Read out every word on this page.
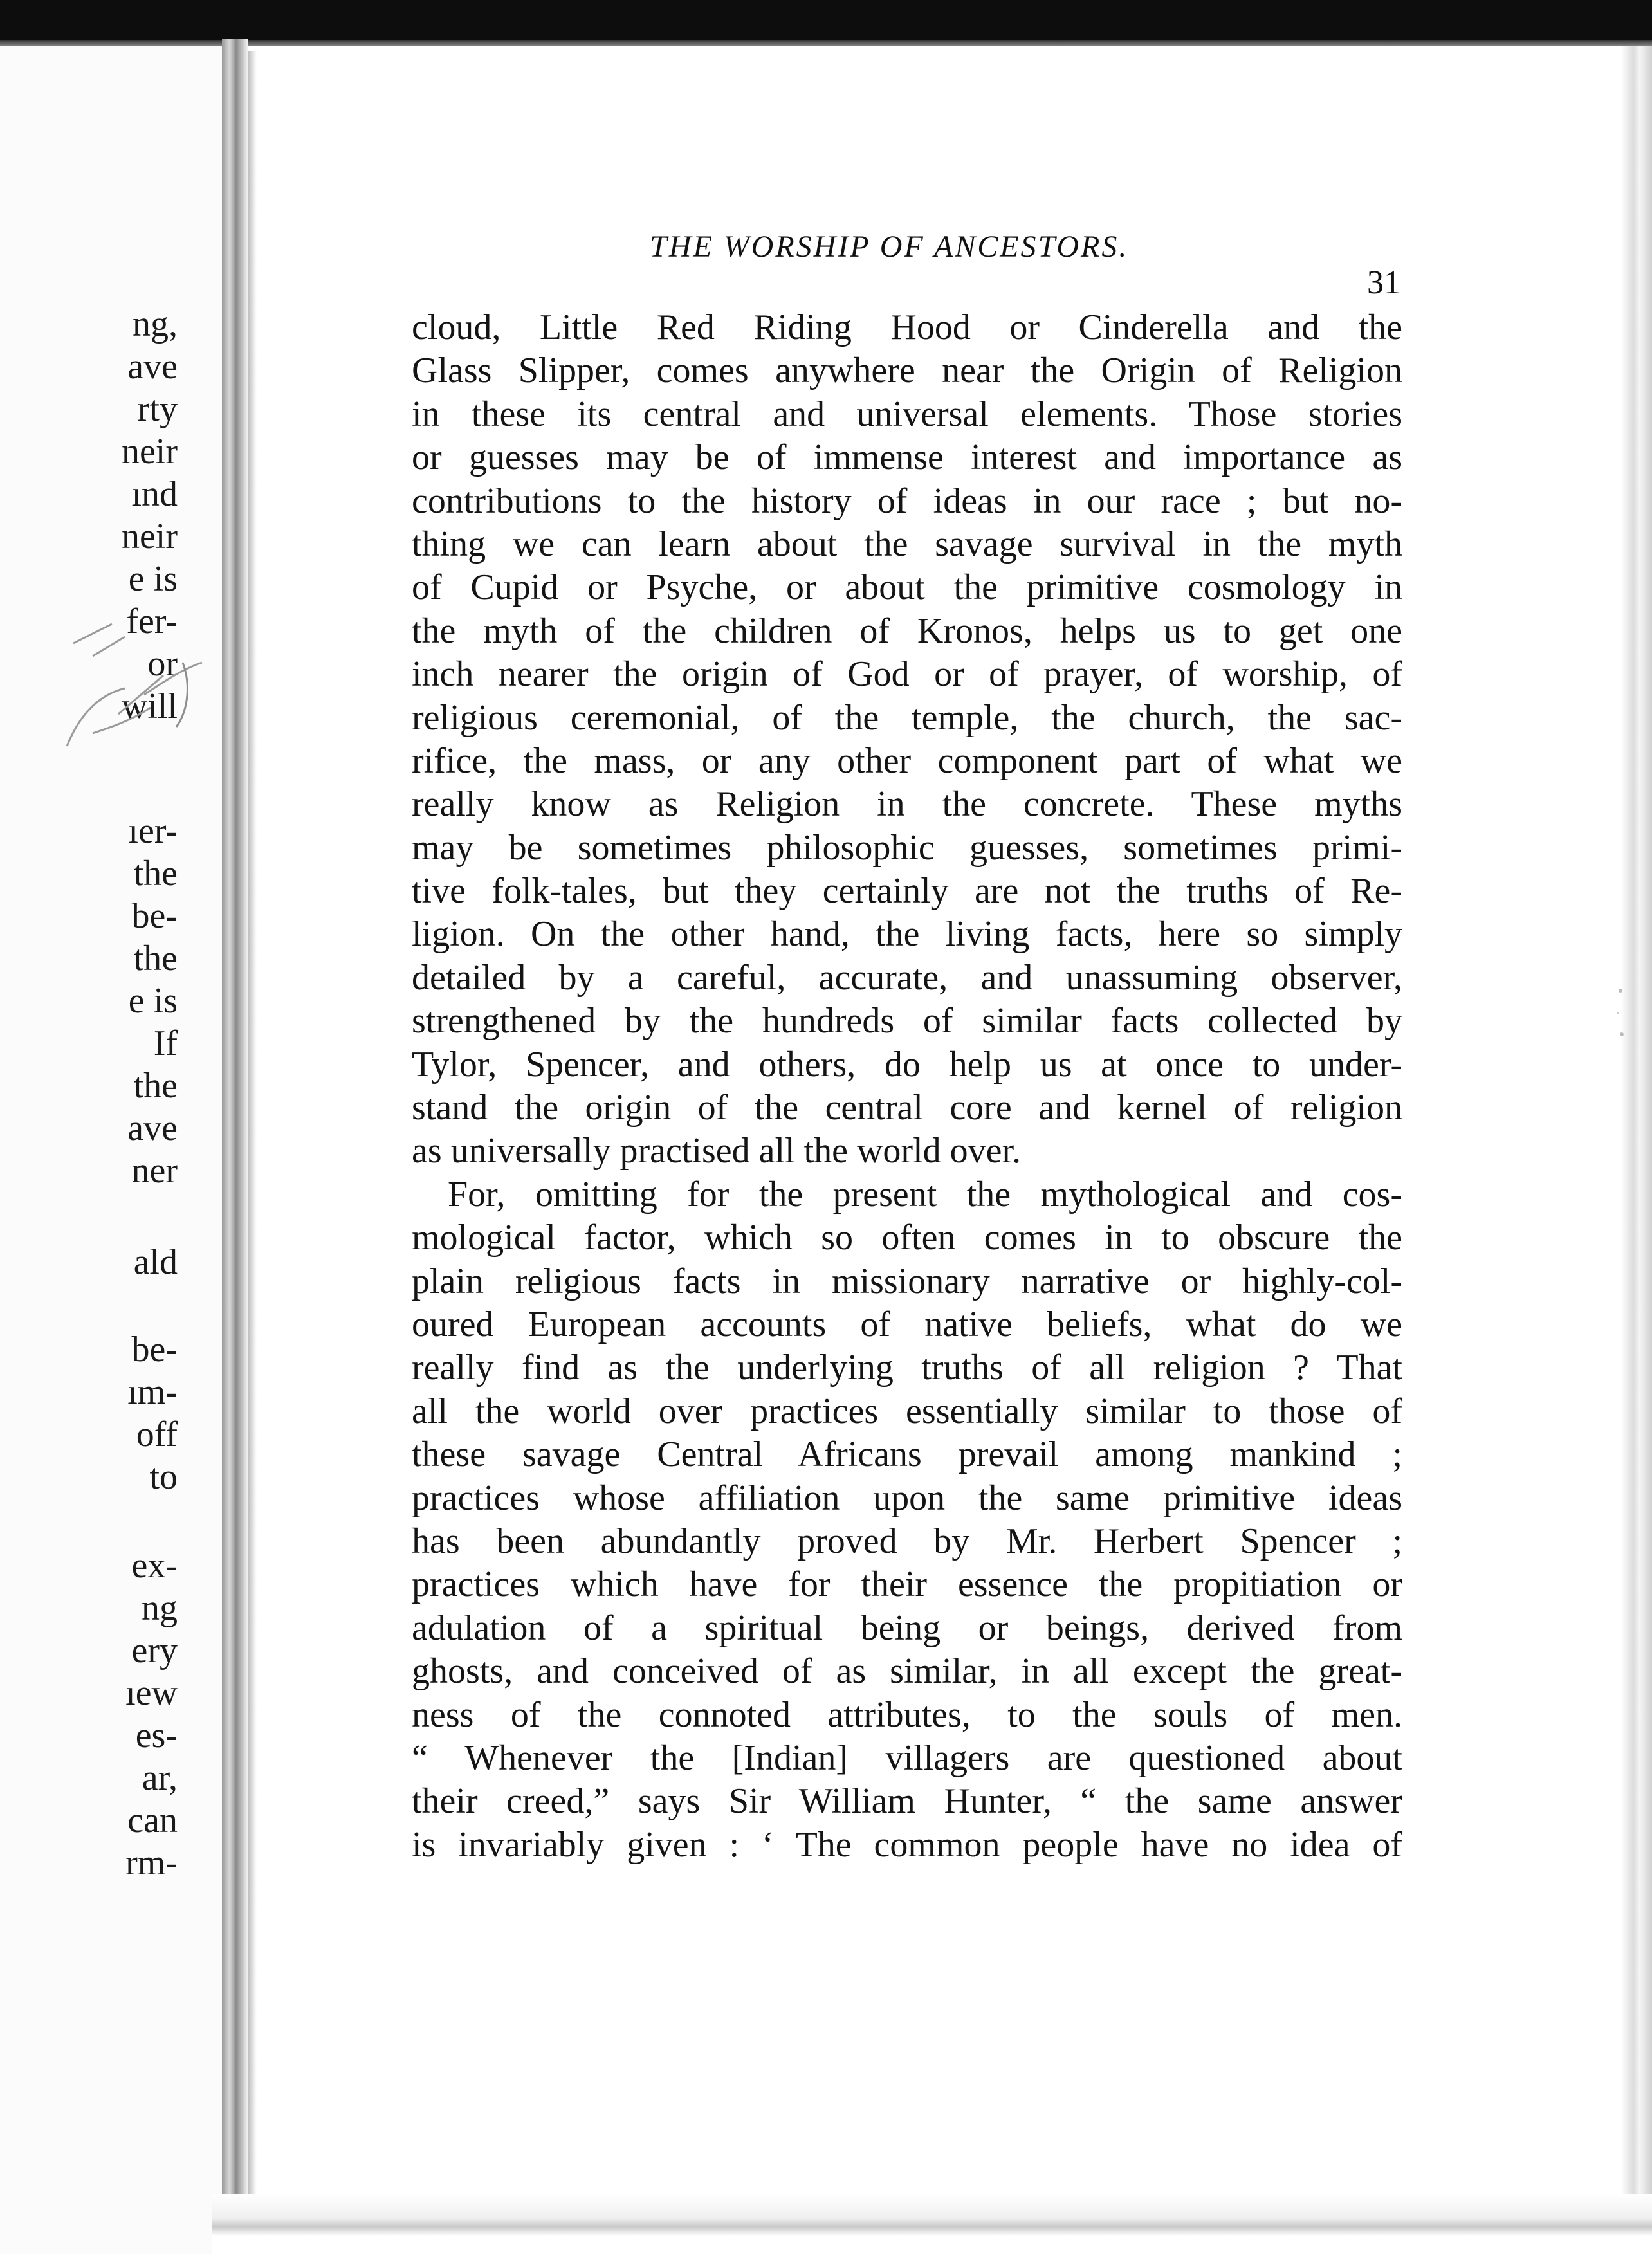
ng,
ave
rty
neir
ınd
neir
e is
fer-
or
will
ıer-
the
be-
the
e is
If
the
ave
ner
ald
be-
ım-
off
to
ex-
ng
ery
ıew
es-
ar,
can
rm-
THE WORSHIP OF ANCESTORS.
31
cloud, Little Red Riding Hood or Cinderella and the
Glass Slipper, comes anywhere near the Origin of Religion
in these its central and universal elements. Those stories
or guesses may be of immense interest and importance as
contributions to the history of ideas in our race ; but no-
thing we can learn about the savage survival in the myth
of Cupid or Psyche, or about the primitive cosmology in
the myth of the children of Kronos, helps us to get one
inch nearer the origin of God or of prayer, of worship, of
religious ceremonial, of the temple, the church, the sac-
rifice, the mass, or any other component part of what we
really know as Religion in the concrete. These myths
may be sometimes philosophic guesses, sometimes primi-
tive folk-tales, but they certainly are not the truths of Re-
ligion. On the other hand, the living facts, here so simply
detailed by a careful, accurate, and unassuming observer,
strengthened by the hundreds of similar facts collected by
Tylor, Spencer, and others, do help us at once to under-
stand the origin of the central core and kernel of religion
as universally practised all the world over.
For, omitting for the present the mythological and cos-
mological factor, which so often comes in to obscure the
plain religious facts in missionary narrative or highly-col-
oured European accounts of native beliefs, what do we
really find as the underlying truths of all religion ? That
all the world over practices essentially similar to those of
these savage Central Africans prevail among mankind ;
practices whose affiliation upon the same primitive ideas
has been abundantly proved by Mr. Herbert Spencer ;
practices which have for their essence the propitiation or
adulation of a spiritual being or beings, derived from
ghosts, and conceived of as similar, in all except the great-
ness of the connoted attributes, to the souls of men.
“ Whenever the [Indian] villagers are questioned about
their creed,” says Sir William Hunter, “ the same answer
is invariably given : ‘ The common people have no idea of
